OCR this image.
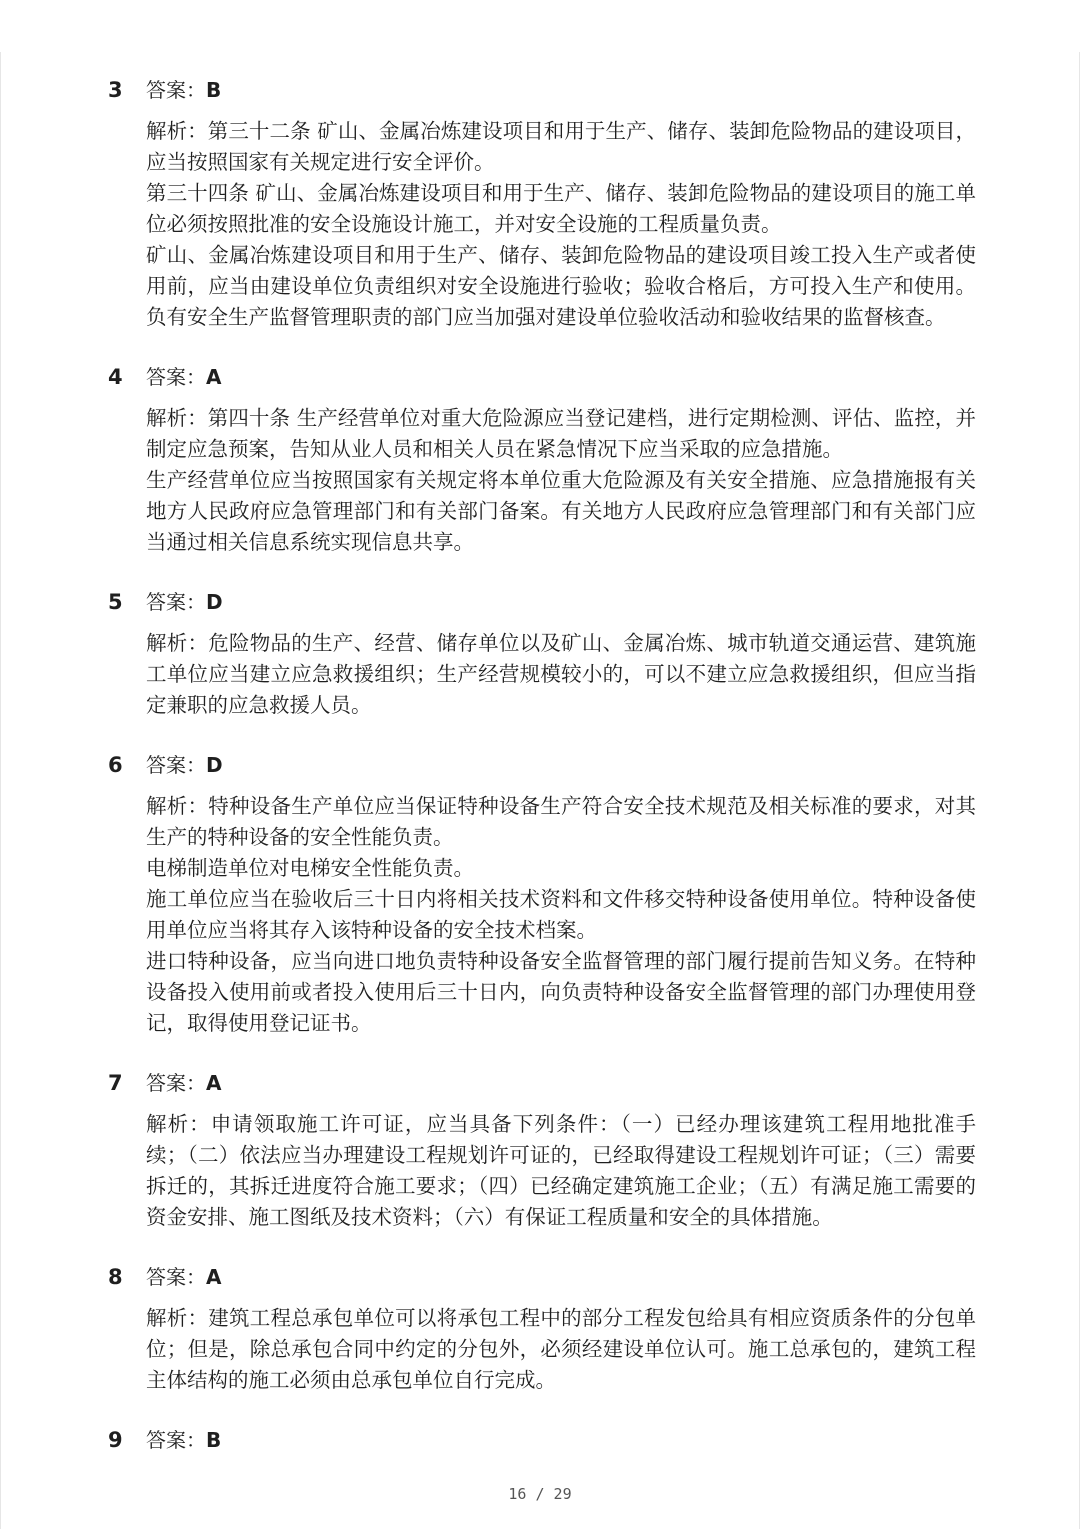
3 答案：B

解析：第三十二条 矿山、金属冶炼建设项目和用于生产、储存、装卸危险物品的建设项目，应当按照国家有关规定进行安全评价。

第三十四条 矿山、金属冶炼建设项目和用于生产、储存、装卸危险物品的建设项目的施工单位必须按照批准的安全设施设计施工，并对安全设施的工程质量负责。

矿山、金属冶炼建设项目和用于生产、储存、装卸危险物品的建设项目竣工投入生产或者使用前，应当由建设单位负责组织对安全设施进行验收；验收合格后，方可投入生产和使用。负有安全生产监督管理职责的部门应当加强对建设单位验收活动和验收结果的监督核查。

4 答案：A

解析：第四十条 生产经营单位对重大危险源应当登记建档，进行定期检测、评估、监控，并制定应急预案，告知从业人员和相关人员在紧急情况下应当采取的应急措施。

生产经营单位应当按照国家有关规定将本单位重大危险源及有关安全措施、应急措施报有关地方人民政府应急管理部门和有关部门备案。有关地方人民政府应急管理部门和有关部门应当通过相关信息系统实现信息共享。

5 答案：D

解析：危险物品的生产、经营、储存单位以及矿山、金属冶炼、城市轨道交通运营、建筑施工单位应当建立应急救援组织；生产经营规模较小的，可以不建立应急救援组织，但应当指定兼职的应急救援人员。

6 答案：D

解析：特种设备生产单位应当保证特种设备生产符合安全技术规范及相关标准的要求，对其生产的特种设备的安全性能负责。

电梯制造单位对电梯安全性能负责。

施工单位应当在验收后三十日内将相关技术资料和文件移交特种设备使用单位。特种设备使用单位应当将其存入该特种设备的安全技术档案。

进口特种设备，应当向进口地负责特种设备安全监督管理的部门履行提前告知义务。在特种设备投入使用前或者投入使用后三十日内，向负责特种设备安全监督管理的部门办理使用登记，取得使用登记证书。

7 答案：A

解析：申请领取施工许可证，应当具备下列条件：（一）已经办理该建筑工程用地批准手续；（二）依法应当办理建设工程规划许可证的，已经取得建设工程规划许可证；（三）需要拆迁的，其拆迁进度符合施工要求；（四）已经确定建筑施工企业；（五）有满足施工需要的资金安排、施工图纸及技术资料；（六）有保证工程质量和安全的具体措施。

8 答案：A

解析：建筑工程总承包单位可以将承包工程中的部分工程发包给具有相应资质条件的分包单位；但是，除总承包合同中约定的分包外，必须经建设单位认可。施工总承包的，建筑工程主体结构的施工必须由总承包单位自行完成。

9 答案：B
16 / 29
